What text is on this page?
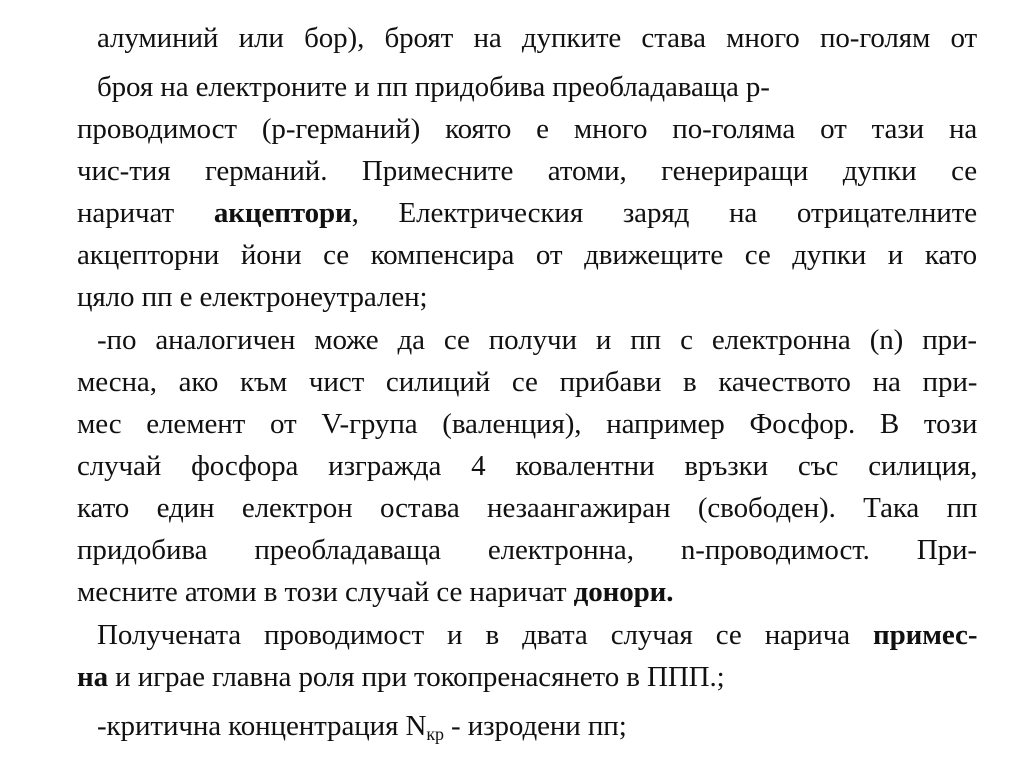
алуминий или бор), броят на дупките става много по-голям от
броя на електроните и пп придобива преобладаваща p-
проводимост (p-германий) която е много по-голяма от тази на
чис-тия германий. Примесните атоми, генериращи дупки се
наричат акцептори, Електрическия заряд на отрицателните
акцепторни йони се компенсира от движещите се дупки и като
цяло пп е електронеутрален;
-по аналогичен може да се получи и пп с електронна (n) при-
месна, ако към чист силиций се прибави в качеството на при-
мес елемент от V-група (валенция), например Фосфор. В този
случай фосфора изгражда 4 ковалентни връзки със силиция,
като един електрон остава незаангажиран (свободен). Така пп
придобива преобладаваща електронна, n-проводимост. При-
месните атоми в този случай се наричат донори.
Получената проводимост и в двата случая се нарича примес-
на и играе главна роля при токопренасянето в ППП.;
-критична концентрация $N_{кр}$ - изродени пп;
